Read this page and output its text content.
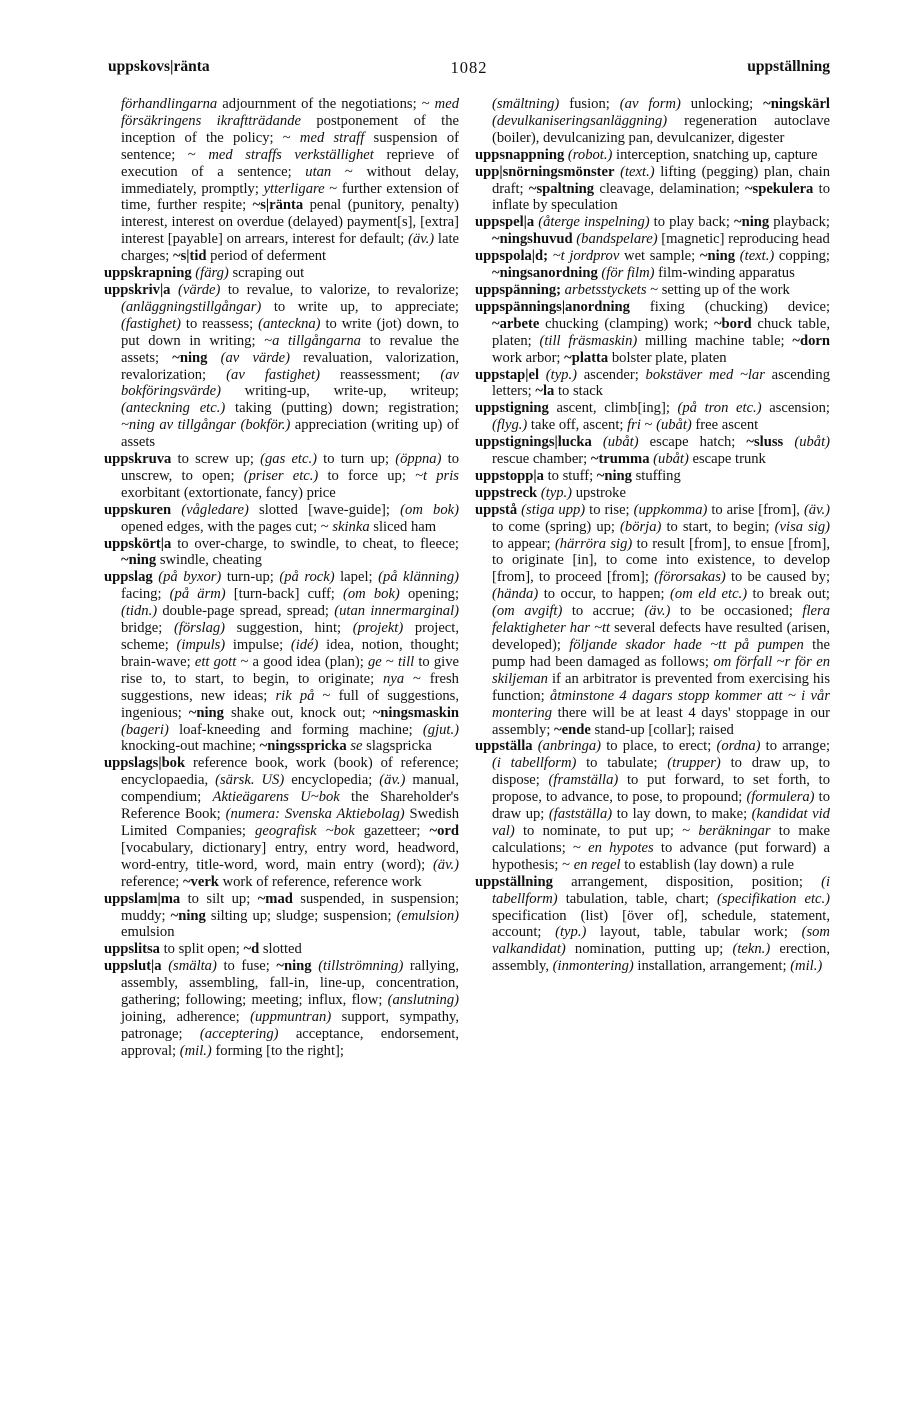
uppskovs|ränta	1082	uppställning

förhandlingarna adjournment of the negotiations; ~ med försäkringens ikraftträdande postponement of the inception of the policy; ~ med straff suspension of sentence; ~ med straffs verkställighet reprieve of execution of a sentence; utan ~ without delay, immediately, promptly; ytterligare ~ further extension of time, further respite; ~s|ränta penal (punitory, penalty) interest, interest on overdue (delayed) payment[s], [extra] interest [payable] on arrears, interest for default; (äv.) late charges; ~s|tid period of deferment

uppskrapning (färg) scraping out

uppskriv|a (värde) to revalue, to valorize, to revalorize; (anläggningstillgångar) to write up, to appreciate; (fastighet) to reassess; (anteckna) to write (jot) down, to put down in writing; ~a tillgångarna to revalue the assets; ~ning (av värde) revaluation, valorization, revalorization; (av fastighet) reassessment; (av bokföringsvärde) writing-up, write-up, writeup; (anteckning etc.) taking (putting) down; registration; ~ning av tillgångar (bokför.) appreciation (writing up) of assets

uppskruva to screw up; (gas etc.) to turn up; (öppna) to unscrew, to open; (priser etc.) to force up; ~t pris exorbitant (extortionate, fancy) price

uppskuren (vågledare) slotted [wave-guide]; (om bok) opened edges, with the pages cut; ~ skinka sliced ham

uppskört|a to over-charge, to swindle, to cheat, to fleece; ~ning swindle, cheating

uppslag (på byxor) turn-up; (på rock) lapel; (på klänning) facing; (på ärm) [turn-back] cuff; (om bok) opening; (tidn.) double-page spread, spread; (utan innermarginal) bridge; (förslag) suggestion, hint; (projekt) project, scheme; (impuls) impulse; (idé) idea, notion, thought; brain-wave; ett gott ~ a good idea (plan); ge ~ till to give rise to, to start, to begin, to originate; nya ~ fresh suggestions, new ideas; rik på ~ full of suggestions, ingenious; ~ning shake out, knock out; ~ningsmaskin (bageri) loaf-kneeding and forming machine; (gjut.) knocking-out machine; ~ningsspricka se slagspricka

uppslags|bok reference book, work (book) of reference; encyclopaedia, (särsk. US) encyclopedia; (äv.) manual, compendium; Aktieägarens U~bok the Shareholder's Reference Book; (numera: Svenska Aktiebolag) Swedish Limited Companies; geografisk ~bok gazetteer; ~ord [vocabulary, dictionary] entry, entry word, headword, word-entry, title-word, word, main entry (word); (äv.) reference; ~verk work of reference, reference work

uppslam|ma to silt up; ~mad suspended, in suspension; muddy; ~ning silting up; sludge; suspension; (emulsion) emulsion

uppslitsa to split open; ~d slotted

uppslut|a (smälta) to fuse; ~ning (tillströmning) rallying, assembly, assembling, fall-in, line-up, concentration, gathering; following; meeting; influx, flow; (anslutning) joining, adherence; (uppmuntran) support, sympathy, patronage; (acceptering) acceptance, endorsement, approval; (mil.) forming [to the right];

(smältning) fusion; (av form) unlocking; ~ningskärl (devulkaniseringsanläggning) regeneration autoclave (boiler), devulcanizing pan, devulcanizer, digester

uppsnappning (robot.) interception, snatching up, capture

upp|snörningsmönster (text.) lifting (pegging) plan, chain draft; ~spaltning cleavage, delamination; ~spekulera to inflate by speculation

uppspel|a (återge inspelning) to play back; ~ning playback; ~ningshuvud (bandspelare) [magnetic] reproducing head

uppspola|d; ~t jordprov wet sample; ~ning (text.) copping; ~ningsanordning (för film) film-winding apparatus

uppspänning; arbetsstyckets ~ setting up of the work

uppspännings|anordning fixing (chucking) device; ~arbete chucking (clamping) work; ~bord chuck table, platen; (till fräsmaskin) milling machine table; ~dorn work arbor; ~platta bolster plate, platen

uppstap|el (typ.) ascender; bokstäver med ~lar ascending letters; ~la to stack

uppstigning ascent, climb[ing]; (på tron etc.) ascension; (flyg.) take off, ascent; fri ~ (ubåt) free ascent

uppstignings|lucka (ubåt) escape hatch; ~sluss (ubåt) rescue chamber; ~trumma (ubåt) escape trunk

uppstopp|a to stuff; ~ning stuffing

uppstreck (typ.) upstroke

uppstå (stiga upp) to rise; (uppkomma) to arise [from], (äv.) to come (spring) up; (börja) to start, to begin; (visa sig) to appear; (härröra sig) to result [from], to ensue [from], to originate [in], to come into existence, to develop [from], to proceed [from]; (förorsakas) to be caused by; (hända) to occur, to happen; (om eld etc.) to break out; (om avgift) to accrue; (äv.) to be occasioned; flera felaktigheter har ~tt several defects have resulted (arisen, developed); följande skador hade ~tt på pumpen the pump had been damaged as follows; om förfall ~r för en skiljeman if an arbitrator is prevented from exercising his function; åtminstone 4 dagars stopp kommer att ~ i vår montering there will be at least 4 days' stoppage in our assembly; ~ende stand-up [collar]; raised

uppställa (anbringa) to place, to erect; (ordna) to arrange; (i tabellform) to tabulate; (trupper) to draw up, to dispose; (framställa) to put forward, to set forth, to propose, to advance, to pose, to propound; (formulera) to draw up; (fastställa) to lay down, to make; (kandidat vid val) to nominate, to put up; ~ beräkningar to make calculations; ~ en hypotes to advance (put forward) a hypothesis; ~ en regel to establish (lay down) a rule

uppställning arrangement, disposition, position; (i tabellform) tabulation, table, chart; (specifikation etc.) specification (list) [över of], schedule, statement, account; (typ.) layout, table, tabular work; (som valkandidat) nomination, putting up; (tekn.) erection, assembly, (inmontering) installation, arrangement; (mil.)
